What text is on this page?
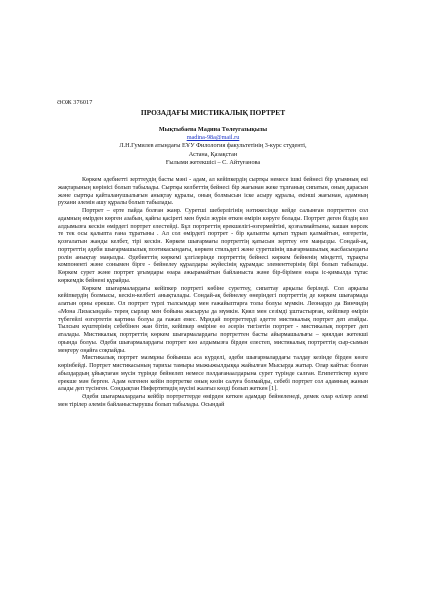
ӘОЖ 376017
ПРОЗАДАҒЫ МИСТИКАЛЫҚ ПОРТРЕТ
Мықтыбаева Мадина Төлеугазықызы
madina-98a@mail.ru
Л.Н.Гумилев атындағы ЕҰУ Филология факультетінің 3-курс студенті,
Астана, Қазақстан
Ғылыми жетекшісі – С. Айтуғанова

Көркем әдебиетті зерттеудің басты мәні - адам, ал кейіпкердің сыртқы немесе ішкі бейнесі бір ұғымның екі жақтарының көрінісі болып табылады. Сыртқы келбеттің бейнесі бір жағынан жеке тұлғаның сипатын, оның дарасын және сыртқы қайталанушылығын анықтау құралы, оның болмысын іске асыру құралы, екінші жағынан, адамның рухани әлемін ашу құралы болып табылады.

Портрет – ерте пайда болған жанр. Суретші шеберлігінің нәтижесінде кейде салынған портреттен сол адамның өмірден көрген азабын, қайғы қасіреті мен бүкіл жүрін өткен өмірін көруге болады. Портрет деген біздің көз алдымызға кескін өмірдегі портрет елестейді. Бұл портреттің ерекшелігі-өзгермейтіні, қозғалмайтыны, кашан көрсек те тек осы қалыпта ғана тұратыны . Ал сол өмірдегі портрет - бір қалыпты қатып тұрып қалмайтын, өзгеретін, қозғалатын жанды келбет, тірі кескін. Көркем шығармағы портреттің қатысын зерттеу өте маңызды. Сондай-ақ, портреттің әдеби шығармашылық поэтикасындағы, көркем стильдегі және суретшінің шығармашылық жасбасындағы ролін анықтау маңызды. Әдебиеттің көркемі ұлгілерінде портреттің бейнесі көркем бейненің міндетті, тұрақты компоненті және сонымен бірге - бейнелеу құралдары жүйесінің құрамдас элементтерінің бірі болып табылады. Көркем сурет және портрет ұғымдары өзара әжырамайтын байланыста және бір-бірімен өзара іс-қимылда тұтас көркемдік бейнені құрайды.

Көркем шығармалардағы кейіпкер портреті көбіне суреттеу, сипаттау арқылы беріледі. Сол арқылы кейіпкердің болмысы, кескін-келбеті анықталады. Сондай-ақ бейнелеу өнеріндегі портреттің де көркем шығармада алатын орны ерекше. Ол портрет түрлі тылсымдар мен ғажайыптарға толы болуы мүмкін. Леонардо да Винчидің «Мона Лизасындай» терең сырлар мен бойына жасыруы да мүмкін. Қиял мен сезімді ұштастырған, кейіпкер өмірін түбегейлі өзгертетін картина болуы да ғажап емес. Мұндай портреттерді әдетте мистикалық портрет деп атайды. Тылсым күштерінің себебінен жан бітіп, кейіпкер өміріне өз әсерін тигізетін портрет - мистикалық портрет деп аталады. Мистикалық портреттің көркем шығармалардағы портреттен басты айырмашылығы – қиялдан жетекші орында болуы. Әдеби шығармалардағы портрет көз алдымызға бірден елестеп, мистикалық портреттің сыр-сымын меңгеру оңайға соқпайды.

Мистикалық портрет мазмұны бойынша аса күрделі, әдеби шығармалардағы талдау кезінде бірден көзге көрінбейді. Портрет мистикасының тарихы тамыры мыжыжылдыққа жайылған Мысырда жатыр. Олар кайтыс болған абыздардың ұйықтаған мүсін түрінде бейнелеп немесе пәлдағанаалдарына сурет түрінде салған. Египеттіктер күнге ерекше мән берген. Адам өлгенен кейін портретке оның көзін салуға болмайды, себебі портрет сол адамның жанын алады деп түсінген. Сондықтан Нифертитидің мүсіні жалғыз көзді болып жеткен [1].

Әдеби шығармалардағы кейбір портреттерде өмірден кеткен адамдар бейнеленеді, демек олар өлілер әлемі мен тірілер әлемін байланыстырушы болып табылады. Осындай
